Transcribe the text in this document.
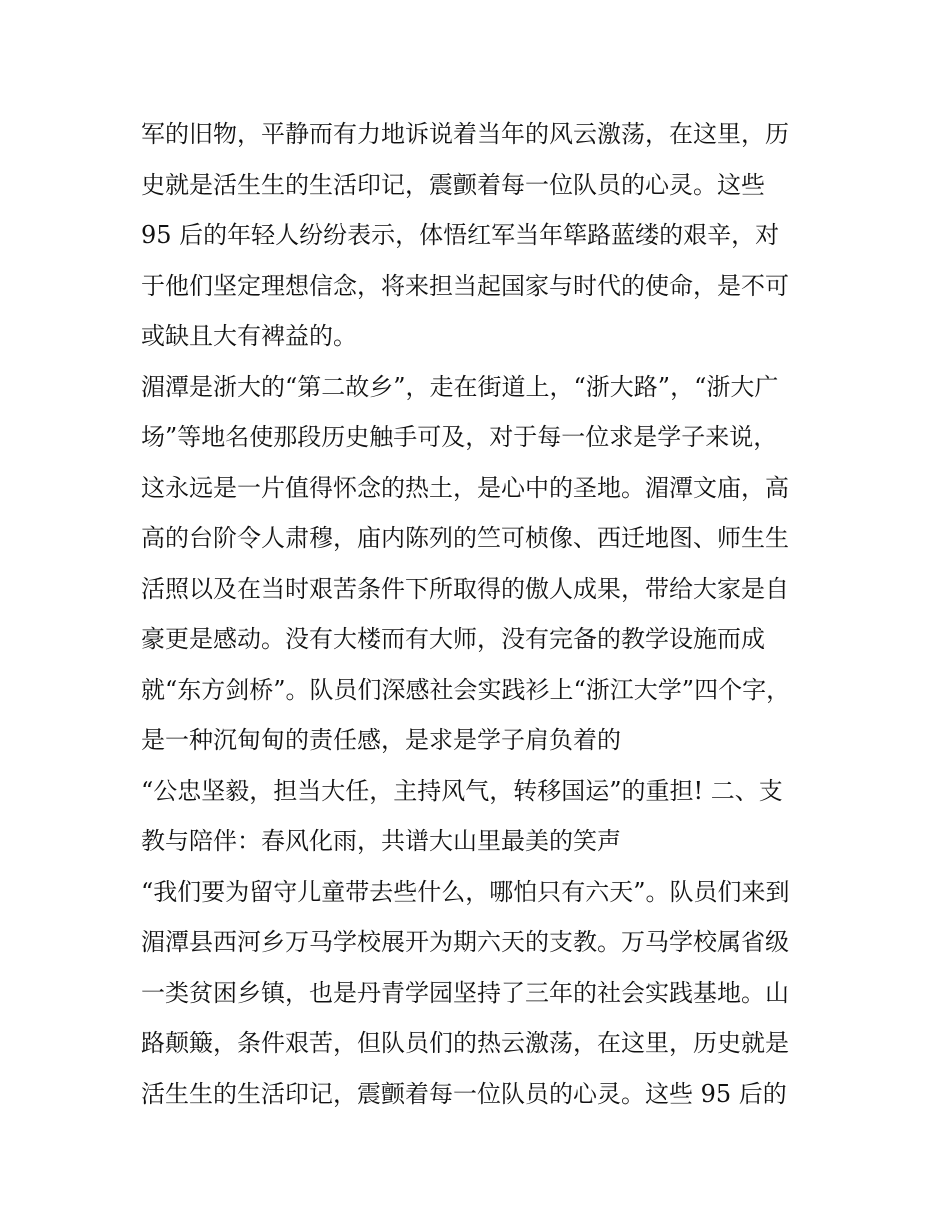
军的旧物，平静而有力地诉说着当年的风云激荡，在这里，历
史就是活生生的生活印记，震颤着每一位队员的心灵。这些
95 后的年轻人纷纷表示，体悟红军当年筚路蓝缕的艰辛，对
于他们坚定理想信念，将来担当起国家与时代的使命，是不可
或缺且大有裨益的。
湄潭是浙大的“第二故乡”，走在街道上，“浙大路”，“浙大广
场”等地名使那段历史触手可及，对于每一位求是学子来说，
这永远是一片值得怀念的热土，是心中的圣地。湄潭文庙，高
高的台阶令人肃穆，庙内陈列的竺可桢像、西迁地图、师生生
活照以及在当时艰苦条件下所取得的傲人成果，带给大家是自
豪更是感动。没有大楼而有大师，没有完备的教学设施而成
就“东方剑桥”。队员们深感社会实践衫上“浙江大学”四个字，
是一种沉甸甸的责任感，是求是学子肩负着的
“公忠坚毅，担当大任，主持风气，转移国运”的重担! 二、支
教与陪伴：春风化雨，共谱大山里最美的笑声
“我们要为留守儿童带去些什么，哪怕只有六天”。队员们来到
湄潭县西河乡万马学校展开为期六天的支教。万马学校属省级
一类贫困乡镇，也是丹青学园坚持了三年的社会实践基地。山
路颠簸，条件艰苦，但队员们的热云激荡，在这里，历史就是
活生生的生活印记，震颤着每一位队员的心灵。这些 95 后的
